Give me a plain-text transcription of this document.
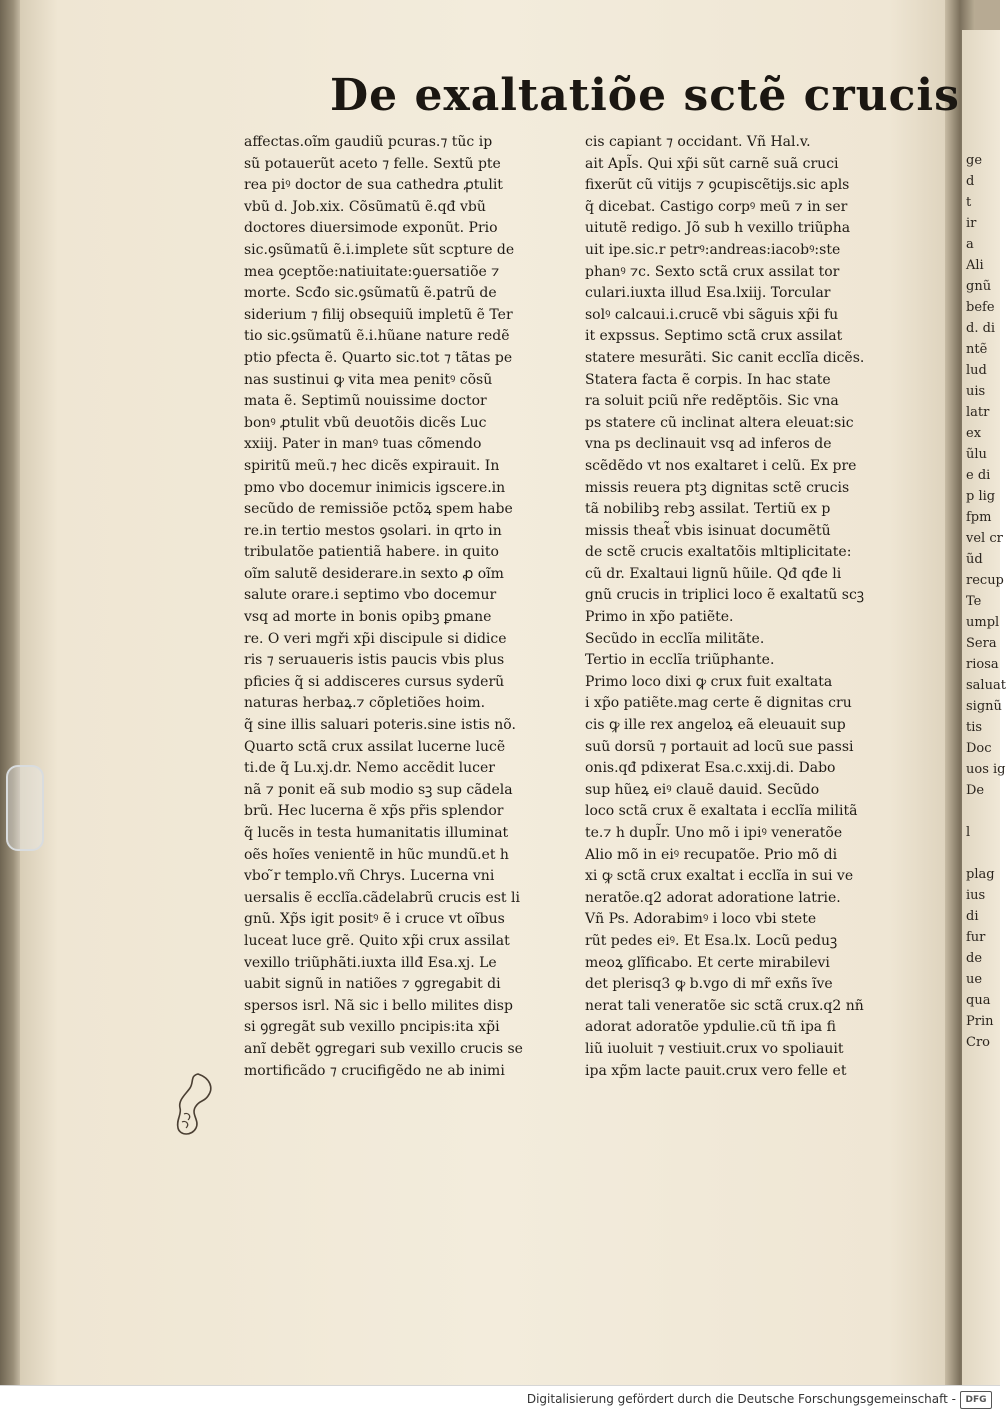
De exaltatiõe sctẽ crucis
affectas.oĩm gaudiũ pcuras.⁊ tũc ip
sũ potauerũt aceto ⁊ felle. Sextũ pte
rea piꝰ doctor de sua cathedra ꝓtulit
vbũ d. Job.xix. Cõsũmatũ ẽ.qđ vbũ
doctores diuersimode exponũt. Prio
sic.ꝯsũmatũ ẽ.i.implete sũt scpture de
mea ꝯceptõe:natiuitate:ꝯuersatiõe ⁊
morte. Scđo sic.ꝯsũmatũ ẽ.patrũ de
siderium ⁊ filij obsequiũ impletũ ẽ Ter
tio sic.ꝯsũmatũ ẽ.i.hũane nature redẽ
ptio pfecta ẽ. Quarto sic.tot ⁊ tãtas pe
nas sustinui ꝙ vita mea penitꝰ cõsũ
mata ẽ. Septimũ nouissime doctor
bonꝰ ꝓtulit vbũ deuotõis dicẽs Luc
xxiij. Pater in manꝰ tuas cõmendo
spiritũ meũ.⁊ hec dicẽs expirauit. In
pmo vbo docemur inimicis igscere.in
secũdo de remissiõe pctõꝝ spem habe
re.in tertio mestos ꝯsolari. in qrto in
tribulatõe patientiã habere. in quito
oĩm salutẽ desiderare.in sexto ꝓ oĩm
salute orare.i septimo vbo docemur
vsq ad morte in bonis opibꝫ ꝑmane
re. O veri mgři xp̃i discipule si didice
ris ⁊ seruaueris istis paucis vbis plus
pficies q̃ si addisceres cursus syderũ
naturas herbaꝝ.⁊ cõpletiões hoim.
q̃ sine illis saluari poteris.sine istis nõ.
Quarto sctã crux assilat lucerne lucẽ
ti.de q̃ Lu.xj.dr. Nemo accẽdit lucer
nã ⁊ ponit eã sub modio sꝫ sup cãdela
brũ. Hec lucerna ẽ xp̃s pr̃is splendor
q̃ lucẽs in testa humanitatis illuminat
oẽs hoĩes venientẽ in hũc mundũ.et h
vbo ̃r templo.vñ Chrys. Lucerna vni
uersalis ẽ ecclĩa.cãdelabrũ crucis est li
gnũ. Xp̃s igit positꝰ ẽ i cruce vt oĩbus
luceat luce grẽ. Quito xp̃i crux assilat
vexillo triũphãti.iuxta illđ Esa.xj. Le
uabit signũ in natiões ⁊ ꝯgregabit di
spersos isrl. Nã sic i bello milites disp
si ꝯgregãt sub vexillo pncipis:ita xp̃i
anĩ debẽt ꝯgregari sub vexillo crucis se
mortificãdo ⁊ crucifigẽdo ne ab inimi
cis capiant ⁊ occidant. Vñ Hal.v.
ait Apl̃s. Qui xp̃i sũt carnẽ suã cruci
fixerũt cũ vitijs ⁊ ꝯcupiscẽtijs.sic apls
q̃ dicebat. Castigo corpꝰ meũ ⁊ in ser
uitutẽ redigo. Jõ sub h vexillo triũpha
uit ipe.sic.r petrꝰ:andreas:iacobꝰ:ste
phanꝰ ⁊c. Sexto sctã crux assilat tor
culari.iuxta illud Esa.lxiij. Torcular
solꝰ calcaui.i.crucẽ vbi sãguis xp̃i fu
it expssus. Septimo sctã crux assilat
statere mesurãti. Sic canit ecclĩa dicẽs.
Statera facta ẽ corpis. In hac state
ra soluit pciũ nr̃e redẽptõis. Sic vna
ps statere cũ inclinat altera eleuat:sic
vna ps declinauit vsq ad inferos de
scẽdẽdo vt nos exaltaret i celũ. Ex pre
missis reuera ptꝫ dignitas sctẽ crucis
tã nobilibꝫ rebꝫ assilat. Tertiũ ex p
missis theat̃ vbis isinuat documẽtũ
de sctẽ crucis exaltatõis mltiplicitate:
cũ dr. Exaltaui lignũ hũile. Qđ qđe li
gnũ crucis in triplici loco ẽ exaltatũ scꝫ
Primo in xp̃o patiẽte.
Secũdo in ecclĩa militãte.
Tertio in ecclĩa triũphante.
Primo loco dixi ꝙ crux fuit exaltata
i xp̃o patiẽte.mag certe ẽ dignitas cru
cis ꝙ ille rex angeloꝝ eã eleuauit sup
suũ dorsũ ⁊ portauit ad locũ sue passi
onis.qđ pdixerat Esa.c.xxij.di. Dabo
sup hũeꝝ eiꝰ clauẽ dauid. Secũdo
loco sctã crux ẽ exaltata i ecclĩa militã
te.⁊ h dupl̃r. Uno mõ i ipiꝰ veneratõe
Alio mõ in eiꝰ recupatõe. Prio mõ di
xi ꝙ sctã crux exaltat i ecclĩa in sui ve
neratõe.q2 adorat adoratione latrie.
Vñ Ps. Adorabimꝰ i loco vbi stete
rũt pedes eiꝰ. Et Esa.lx. Locũ peduꝫ
meoꝝ glĩficabo. Et certe mirabilevi
det plerisq3 ꝙ b.vgo di mr̃ exñs ĩve
nerat tali veneratõe sic sctã crux.q2 nñ
adorat adoratõe ypdulie.cũ tñ ipa fi
liũ iuoluit ⁊ vestiuit.crux vo spoliauit
ipa xp̃m lacte pauit.crux vero felle et
ge
d
t
ir
a
Ali
gnũ
befe
d. di
ntẽ
lud
uis
latr
ex
ũlu
e di
p lig
fpm
vel cr
ũd
recup
Te
umpl
Sera
riosa
saluat
signũ
tis
Doc
uos ig
De
l
plag
ius
di
fur
de
ue
qua
Prin
Cro
Digitalisierung gefördert durch die Deutsche Forschungsgemeinschaft -	DFG
